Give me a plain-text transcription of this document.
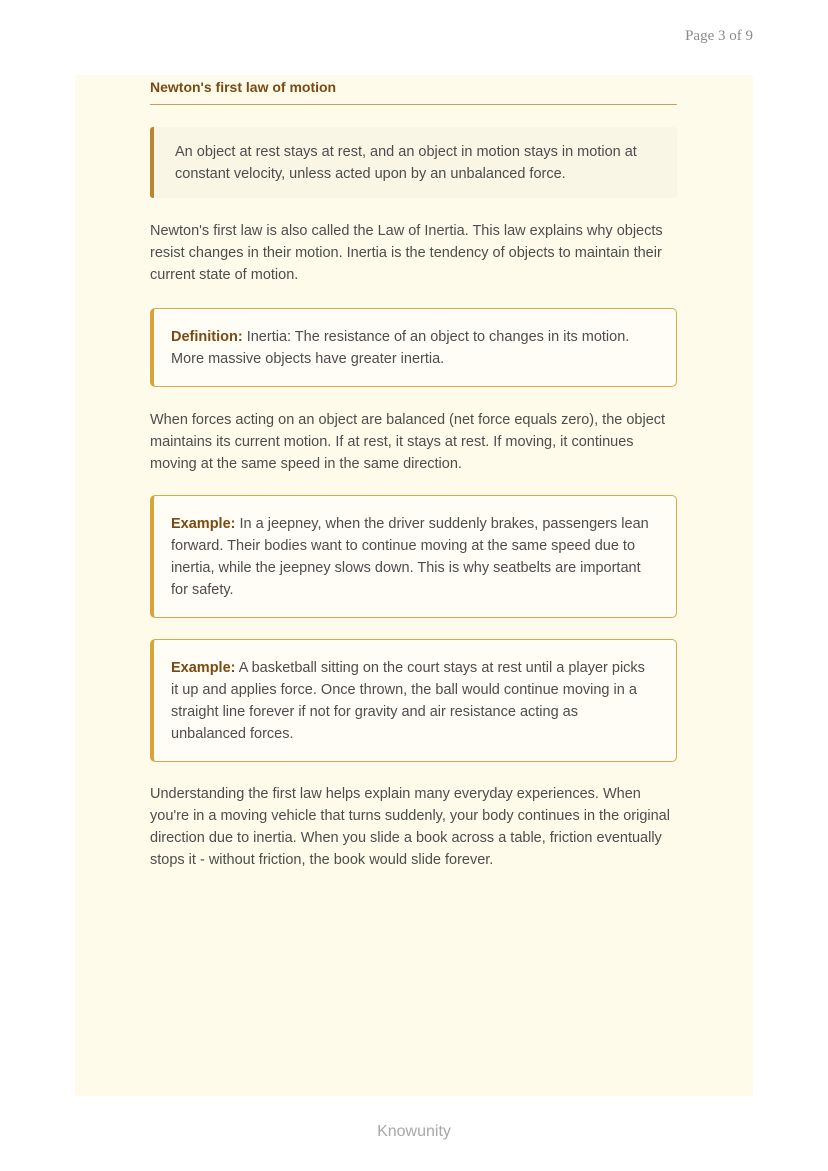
Page 3 of 9
Newton's first law of motion
An object at rest stays at rest, and an object in motion stays in motion at constant velocity, unless acted upon by an unbalanced force.

Newton's first law is also called the Law of Inertia. This law explains why objects resist changes in their motion. Inertia is the tendency of objects to maintain their current state of motion.

Definition: Inertia: The resistance of an object to changes in its motion. More massive objects have greater inertia.

When forces acting on an object are balanced (net force equals zero), the object maintains its current motion. If at rest, it stays at rest. If moving, it continues moving at the same speed in the same direction.

Example: In a jeepney, when the driver suddenly brakes, passengers lean forward. Their bodies want to continue moving at the same speed due to inertia, while the jeepney slows down. This is why seatbelts are important for safety.
Example: A basketball sitting on the court stays at rest until a player picks it up and applies force. Once thrown, the ball would continue moving in a straight line forever if not for gravity and air resistance acting as unbalanced forces.

Understanding the first law helps explain many everyday experiences. When you're in a moving vehicle that turns suddenly, your body continues in the original direction due to inertia. When you slide a book across a table, friction eventually stops it - without friction, the book would slide forever.

Knowunity
